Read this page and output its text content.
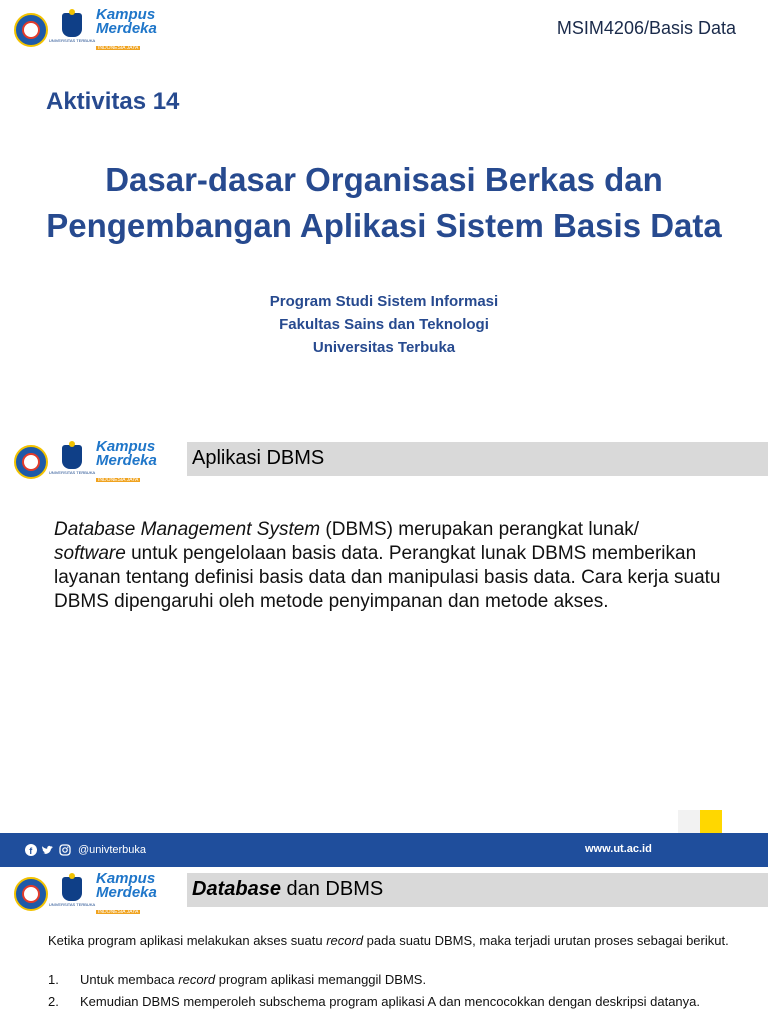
UNIVERSITAS TERBUKA
Kampus
Merdeka
INDONESIA JAYA
MSIM4206/Basis Data
Aktivitas 14
Dasar-dasar Organisasi Berkas dan
Pengembangan Aplikasi Sistem Basis Data
Program Studi Sistem Informasi
Fakultas Sains dan Teknologi
Universitas Terbuka
UNIVERSITAS TERBUKA
Kampus
Merdeka
INDONESIA JAYA
Aplikasi DBMS
Database Management System (DBMS) merupakan perangkat lunak/
software untuk pengelolaan basis data. Perangkat lunak DBMS memberikan layanan tentang definisi basis data dan manipulasi basis data. Cara kerja suatu DBMS dipengaruhi oleh metode penyimpanan dan metode akses.
f	@univterbuka	www.ut.ac.id
UNIVERSITAS TERBUKA
Kampus
Merdeka
INDONESIA JAYA
Database dan DBMS
Ketika program aplikasi melakukan akses suatu record pada suatu DBMS, maka terjadi urutan proses sebagai berikut.
1. Untuk membaca record program aplikasi memanggil DBMS.
2. Kemudian DBMS memperoleh subschema program aplikasi A dan mencocokkan dengan deskripsi datanya.
